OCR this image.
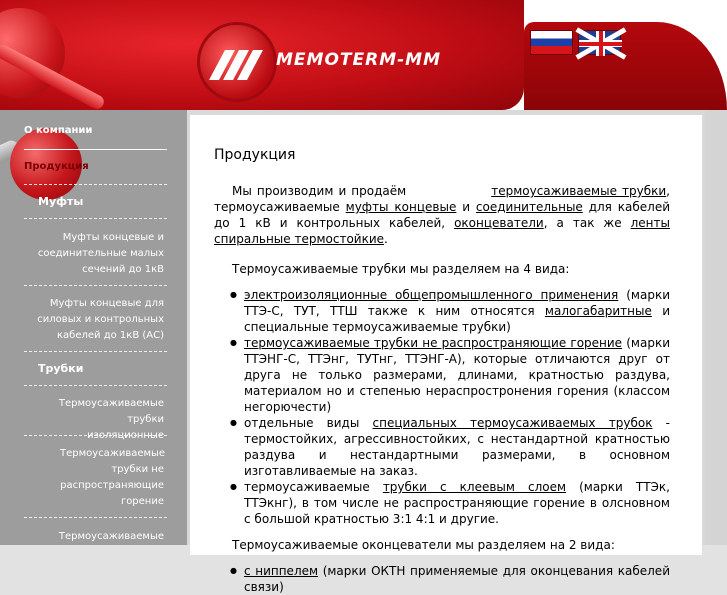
MEMOTERM-MM
О компании
Продукция
Муфты
Муфты концевые и соединительные малых сечений до 1кВ
Муфты концевые для силовых и контрольных кабелей до 1кВ (АС)
Трубки
Термоусаживаемые трубки изоляционные
Термоусаживаемые трубки не распространяющие горение
Термоусаживаемые
Продукция

Мы производим и продаём	термоусаживаемые трубки, термоусаживаемые муфты концевые и соединительные для кабелей до 1 кВ и контрольных кабелей, оконцеватели, а так же ленты спиральные термостойкие.

Термоусаживаемые трубки мы разделяем на 4 вида:

● электроизоляционные общепромышленного применения (марки ТТЭ-С, ТУТ, ТТШ также к ним относятся малогабаритные и специальные термоусаживаемые трубки)
● термоусаживаемые трубки не распространяющие горение (марки ТТЭНГ-С, ТТЭнг, ТУТнг, ТТЭНГ-А), которые отличаются друг от друга не только размерами, длинами, кратностью раздува, материалом но и степенью нераспростронения горения (классом негорючести)
● отдельные виды специальных термоусаживаемых трубок - термостойких, агрессивностойких, с нестандартной кратностью раздува и нестандартными размерами, в основном изготавливаемые на заказ.
● термоусаживаемые трубки с клеевым слоем (марки ТТЭк, ТТЭкнг), в том числе не распространяющие горение в олсновном с большой кратностью 3:1 4:1 и другие.

Термоусаживаемые оконцеватели мы разделяем на 2 вида:

● с ниппелем (марки ОКТН применяемые для оконцевания кабелей связи)
